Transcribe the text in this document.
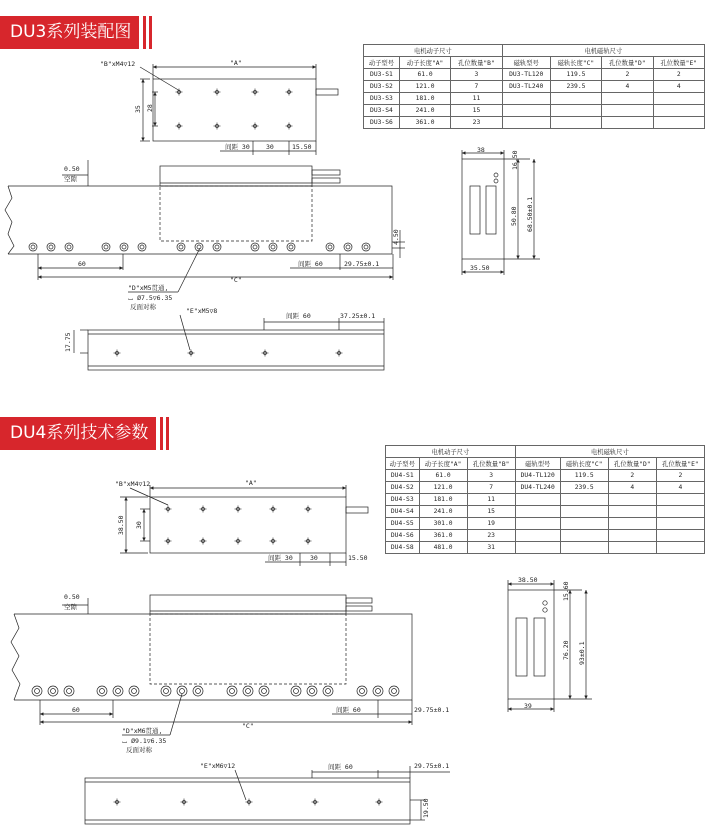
DU3系列装配图
电机动子尺寸			电机磁轨尺寸			
动子型号	动子长度"A"	孔位数量"B"	磁轨型号	磁轨长度"C"	孔位数量"D"	孔位数量"E"
DU3-S1	61.0	3	DU3-TL120	119.5	2	2
DU3-S2	121.0	7	DU3-TL240	239.5	4	4
DU3-S3	181.0	11				
DU3-S4	241.0	15				
DU3-S6	361.0	23				
DU4系列技术参数
电机动子尺寸			电机磁轨尺寸			
动子型号	动子长度"A"	孔位数量"B"	磁轨型号	磁轨长度"C"	孔位数量"D"	孔位数量"E"
DU4-S1	61.0	3	DU4-TL120	119.5	2	2
DU4-S2	121.0	7	DU4-TL240	239.5	4	4
DU4-S3	181.0	11				
DU4-S4	241.0	15				
DU4-S5	301.0	19				
DU4-S6	361.0	23				
DU4-S8	481.0	31				
"B"xM4▽12	"A"
35 28
间距 30	30	15.50
0.50
空隙
60
"C"
间距 60	29.75±0.1
4.50
"D"xM5贯通,
⌴ Ø7.5▽6.35
反面对称	"E"xM5▽8
间距 60	37.25±0.1
17.75
38
16.50
50.80 68.50±0.1
35.50
"B"xM4▽12	"A"
38.50 30
间距 30	30	15.50
0.50
空隙
60
"C"
间距 60	29.75±0.1
"D"xM6贯通,
⌴ Ø9.1▽6.35
反面对称
"E"xM6▽12	间距 60	29.75±0.1
19.50
38.50
15.60
76.20 93±0.1
39
